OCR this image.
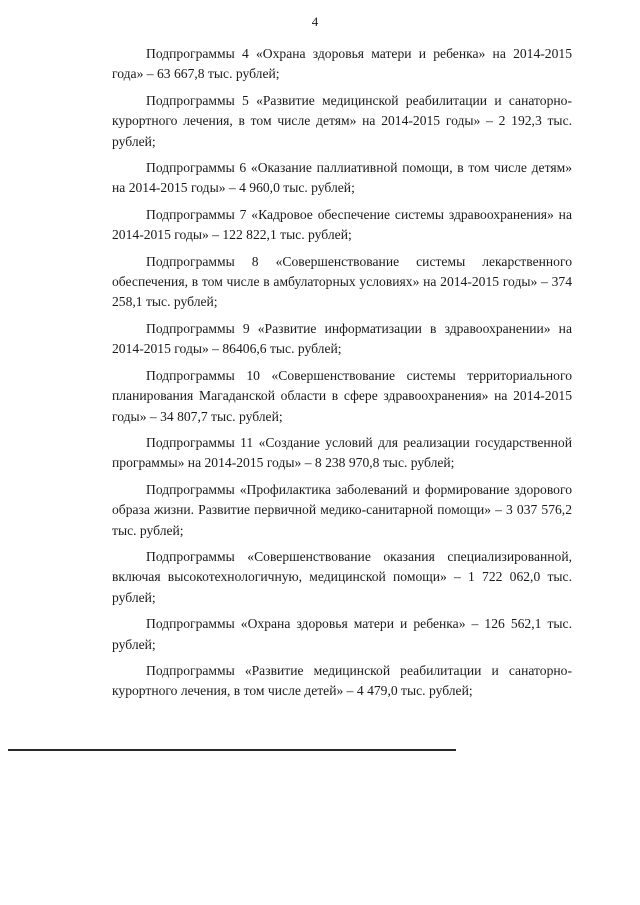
4

Подпрограммы 4 «Охрана здоровья матери и ребенка» на 2014-2015 года» – 63 667,8 тыс. рублей;

Подпрограммы 5 «Развитие медицинской реабилитации и санаторно-курортного лечения, в том числе детям» на 2014-2015 годы» – 2 192,3 тыс. рублей;

Подпрограммы 6 «Оказание паллиативной помощи, в том числе детям» на 2014-2015 годы» – 4 960,0 тыс. рублей;

Подпрограммы 7 «Кадровое обеспечение системы здравоохранения» на 2014-2015 годы» – 122 822,1 тыс. рублей;

Подпрограммы 8 «Совершенствование системы лекарственного обеспечения, в том числе в амбулаторных условиях» на 2014-2015 годы» – 374 258,1 тыс. рублей;

Подпрограммы 9 «Развитие информатизации в здравоохранении» на 2014-2015 годы» – 86406,6 тыс. рублей;

Подпрограммы 10 «Совершенствование системы территориального планирования Магаданской области в сфере здравоохранения» на 2014-2015 годы» – 34 807,7 тыс. рублей;

Подпрограммы 11 «Создание условий для реализации государственной программы» на 2014-2015 годы» – 8 238 970,8 тыс. рублей;

Подпрограммы «Профилактика заболеваний и формирование здорового образа жизни. Развитие первичной медико-санитарной помощи» – 3 037 576,2 тыс. рублей;

Подпрограммы «Совершенствование оказания специализированной, включая высокотехнологичную, медицинской помощи» – 1 722 062,0 тыс. рублей;

Подпрограммы «Охрана здоровья матери и ребенка» – 126 562,1 тыс. рублей;

Подпрограммы «Развитие медицинской реабилитации и санаторно-курортного лечения, в том числе детей» – 4 479,0 тыс. рублей;
